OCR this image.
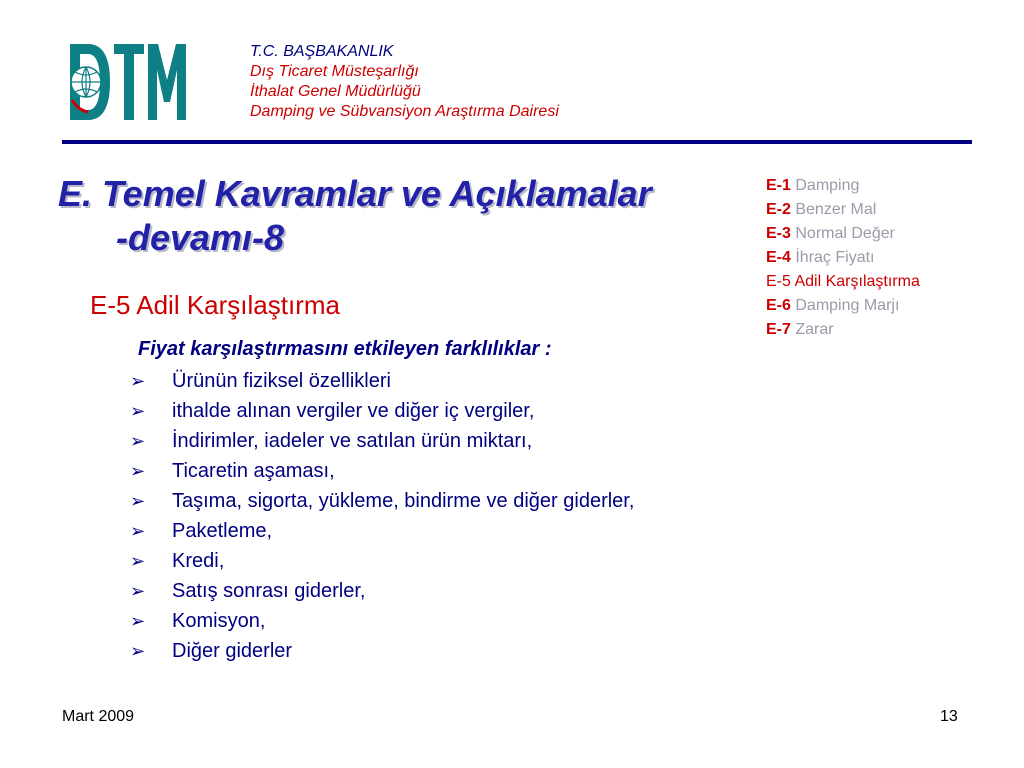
T.C. BAŞBAKANLIK
Dış Ticaret Müsteşarlığı
İthalat Genel Müdürlüğü
Damping ve Sübvansiyon Araştırma Dairesi
E. Temel Kavramlar ve Açıklamalar
-devamı-8
E-1 Damping
E-2 Benzer Mal
E-3 Normal Değer
E-4 İhraç Fiyatı
E-5 Adil Karşılaştırma
E-6 Damping Marjı
E-7 Zarar
E-5 Adil Karşılaştırma
Fiyat karşılaştırmasını etkileyen farklılıklar :
➢ Ürünün fiziksel özellikleri
➢ ithalde alınan vergiler ve diğer iç vergiler,
➢ İndirimler, iadeler ve satılan ürün miktarı,
➢ Ticaretin aşaması,
➢ Taşıma, sigorta, yükleme, bindirme ve diğer giderler,
➢ Paketleme,
➢ Kredi,
➢ Satış sonrası giderler,
➢ Komisyon,
➢ Diğer giderler
Mart 2009	13
